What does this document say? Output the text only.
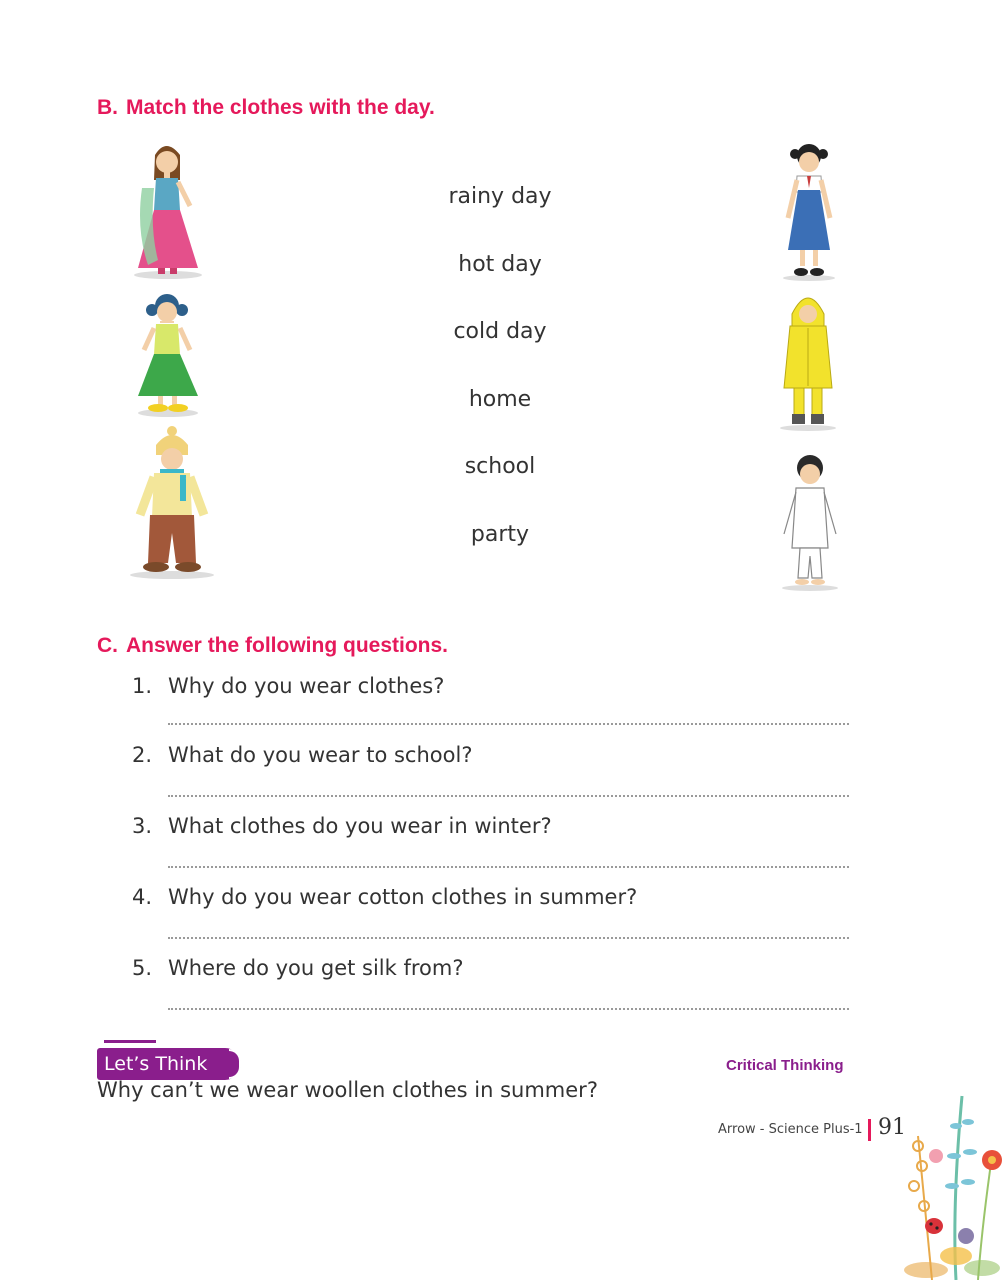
B. Match the clothes with the day.
rainy day
hot day
cold day
home
school
party
C. Answer the following questions.
1. Why do you wear clothes?
2. What do you wear to school?
3. What clothes do you wear in winter?
4. Why do you wear cotton clothes in summer?
5. Where do you get silk from?
Let’s Think	Critical Thinking
Why can’t we wear woollen clothes in summer?
Arrow - Science Plus-1 91
